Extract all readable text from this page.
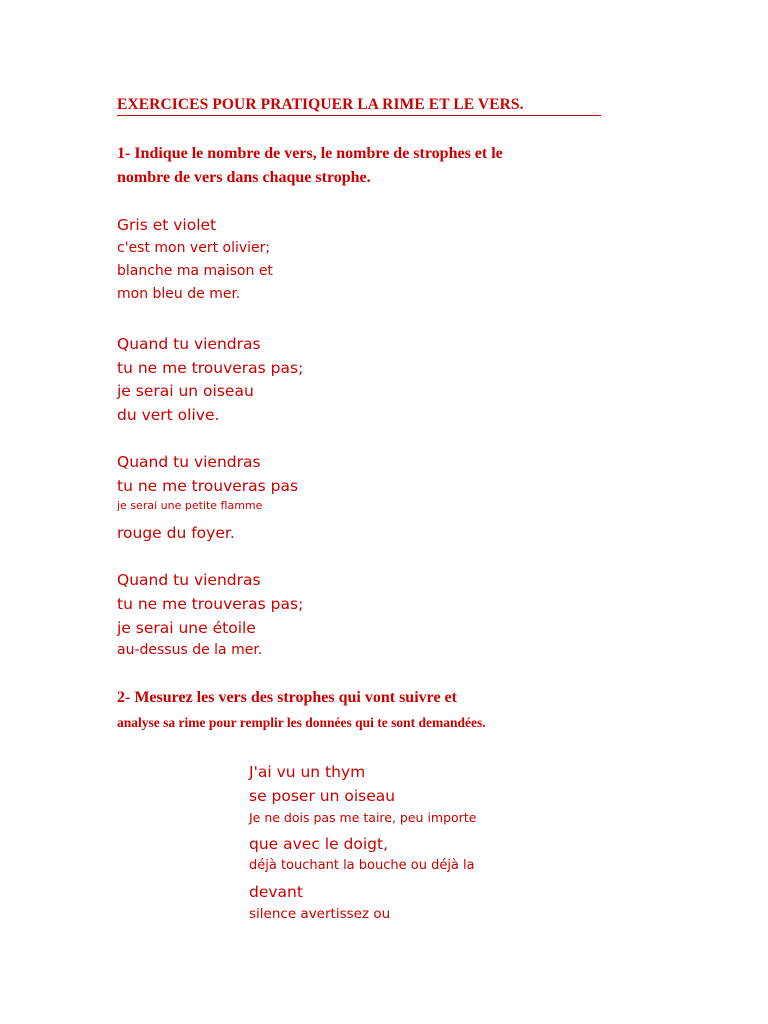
EXERCICES POUR PRATIQUER LA RIME ET LE VERS.

1- Indique le nombre de vers, le nombre de strophes et le

nombre de vers dans chaque strophe.

Gris et violet

c'est mon vert olivier;

blanche ma maison et

mon bleu de mer.

Quand tu viendras

tu ne me trouveras pas;

je serai un oiseau

du vert olive.

Quand tu viendras

tu ne me trouveras pas

je serai une petite flamme

rouge du foyer.

Quand tu viendras

tu ne me trouveras pas;

je serai une étoile

au-dessus de la mer.

2- Mesurez les vers des strophes qui vont suivre et

analyse sa rime pour remplir les données qui te sont demandées.

J'ai vu un thym

se poser un oiseau

Je ne dois pas me taire, peu importe

que avec le doigt,

déjà touchant la bouche ou déjà la

devant

silence avertissez ou
